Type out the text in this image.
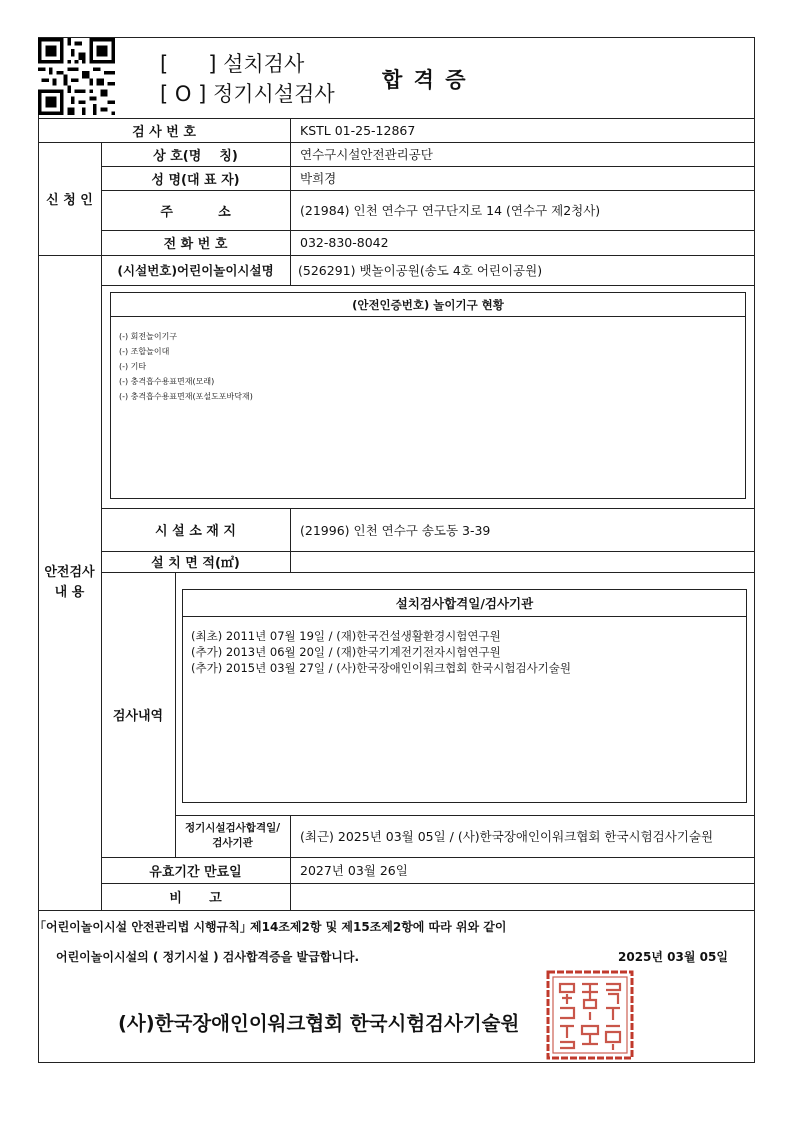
[      ] 설치검사
[ O ] 정기시설검사
합 격 증
검 사 번 호	KSTL 01-25-12867
신 청 인
상 호(명    칭)	연수구시설안전관리공단
성 명(대 표 자)	박희경
주          소	(21984) 인천 연수구 연구단지로 14 (연수구 제2청사)
전 화 번 호	032-830-8042
안전검사
내 용
(시설번호)어린이놀이시설명	(526291) 뱃놀이공원(송도 4호 어린이공원)
(안전인증번호) 놀이기구 현황
(-) 회전놀이기구
(-) 조합놀이대
(-) 기타
(-) 충격흡수용표면재(모래)
(-) 충격흡수용표면재(포설도포바닥재)
시 설 소 재 지	(21996) 인천 연수구 송도동 3-39
설 치 면 적(㎡)
검사내역
설치검사합격일/검사기관
(최초) 2011년 07월 19일 / (재)한국건설생활환경시험연구원
(추가) 2013년 06월 20일 / (재)한국기계전기전자시험연구원
(추가) 2015년 03월 27일 / (사)한국장애인이워크협회 한국시험검사기술원
정기시설검사합격일/
검사기관	(최근) 2025년 03월 05일 / (사)한국장애인이워크협회 한국시험검사기술원
유효기간 만료일	2027년 03월 26일
비      고
｢어린이놀이시설 안전관리법 시행규칙｣ 제14조제2항 및 제15조제2항에 따라 위와 같이
어린이놀이시설의 ( 정기시설 ) 검사합격증을 발급합니다.	2025년 03월 05일
(사)한국장애인이워크협회 한국시험검사기술원
